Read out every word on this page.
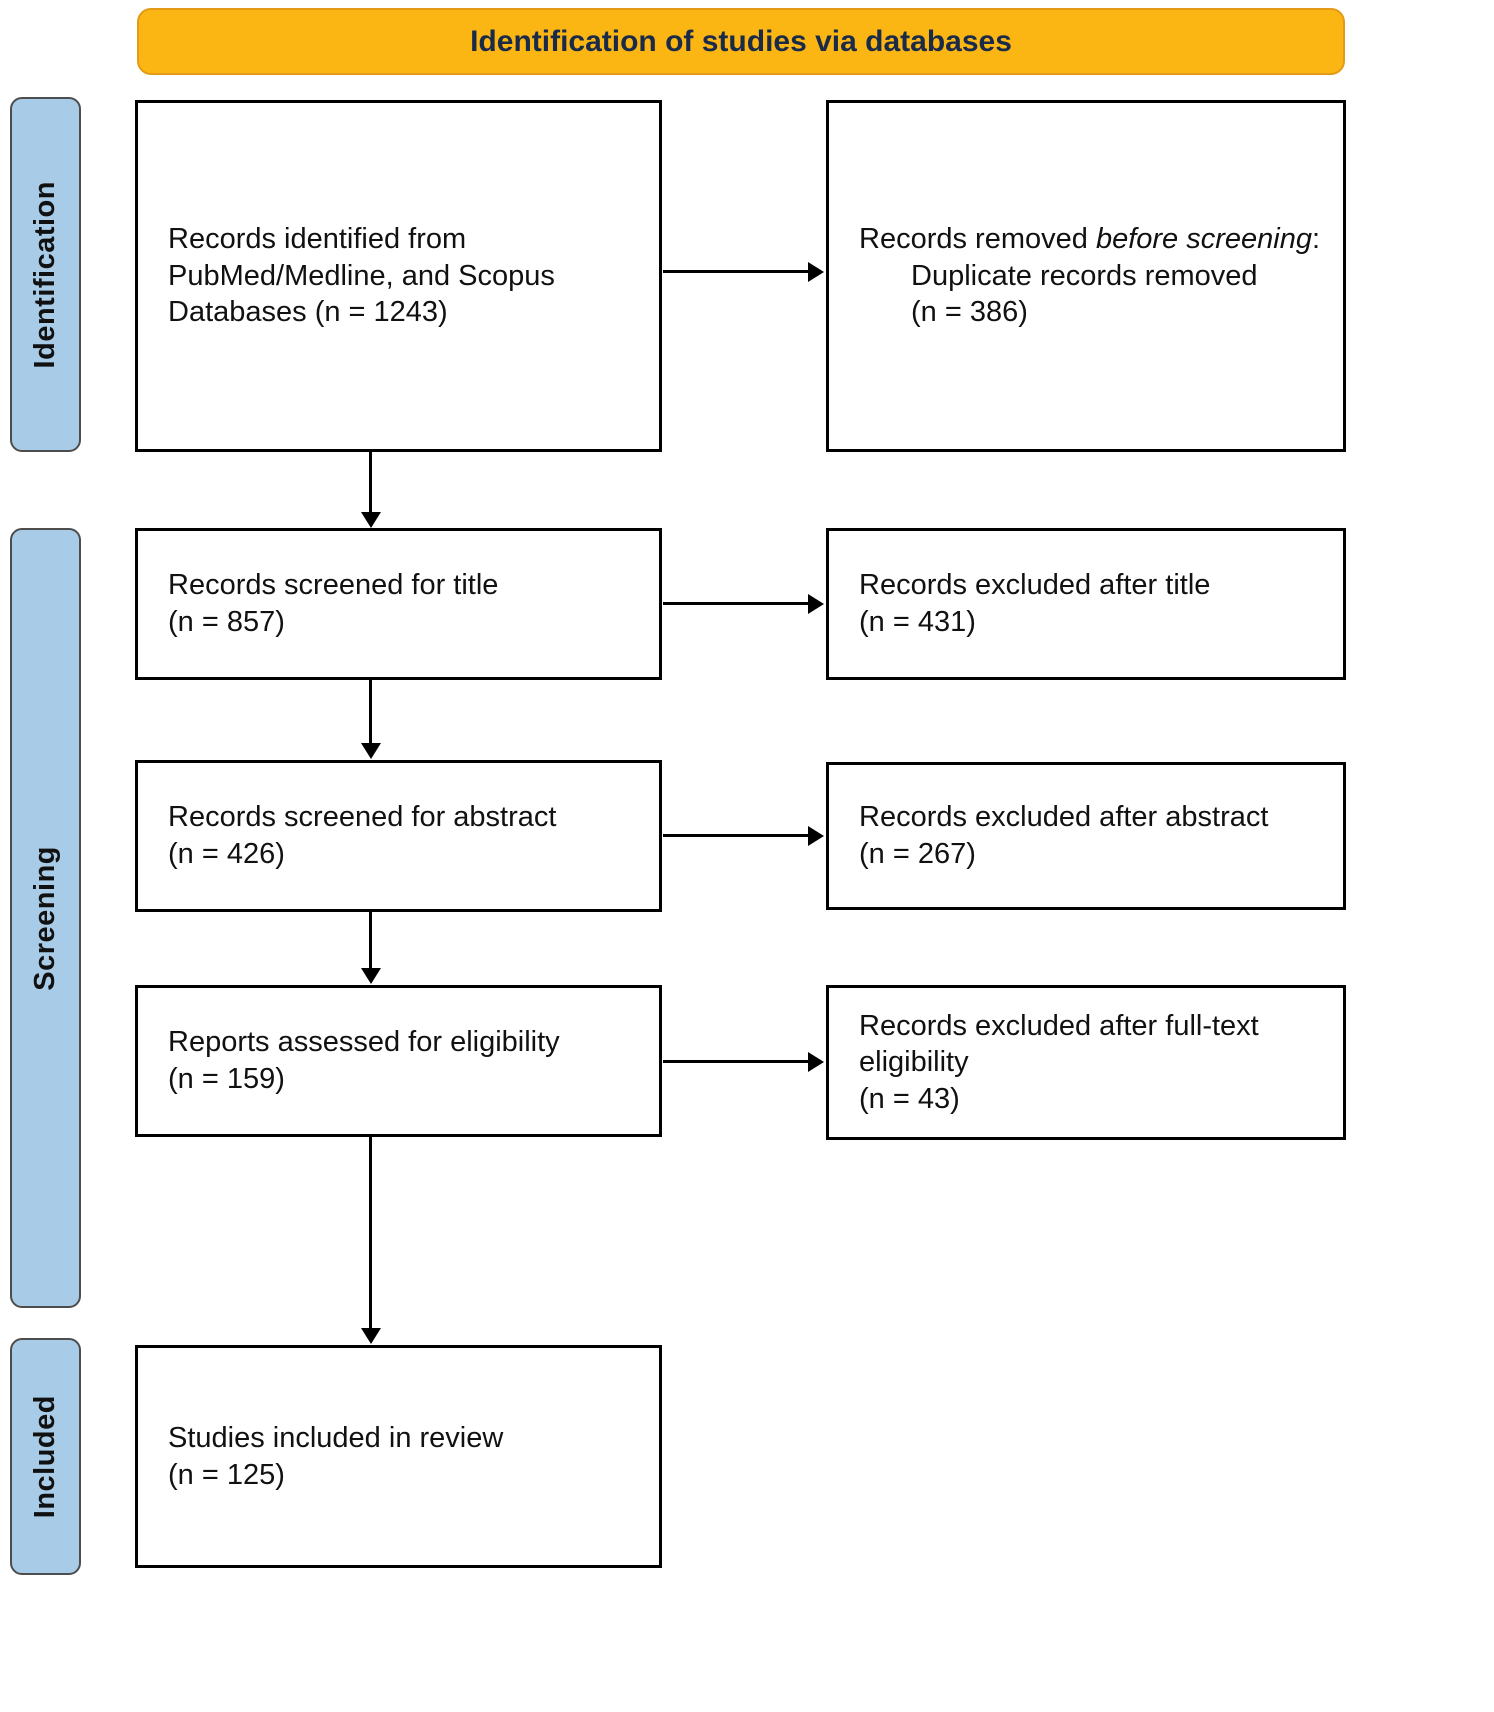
Identification of studies via databases
Identification
Screening
Included
Records identified from
PubMed/Medline, and Scopus
Databases (n = 1243)
Records removed before screening:
Duplicate records removed
(n = 386)
Records screened for title
(n = 857)
Records excluded after title
(n = 431)
Records screened for abstract
(n = 426)
Records excluded after abstract
(n = 267)
Reports assessed for eligibility
(n = 159)
Records excluded after full-text eligibility
(n = 43)
Studies included in review
(n = 125)
